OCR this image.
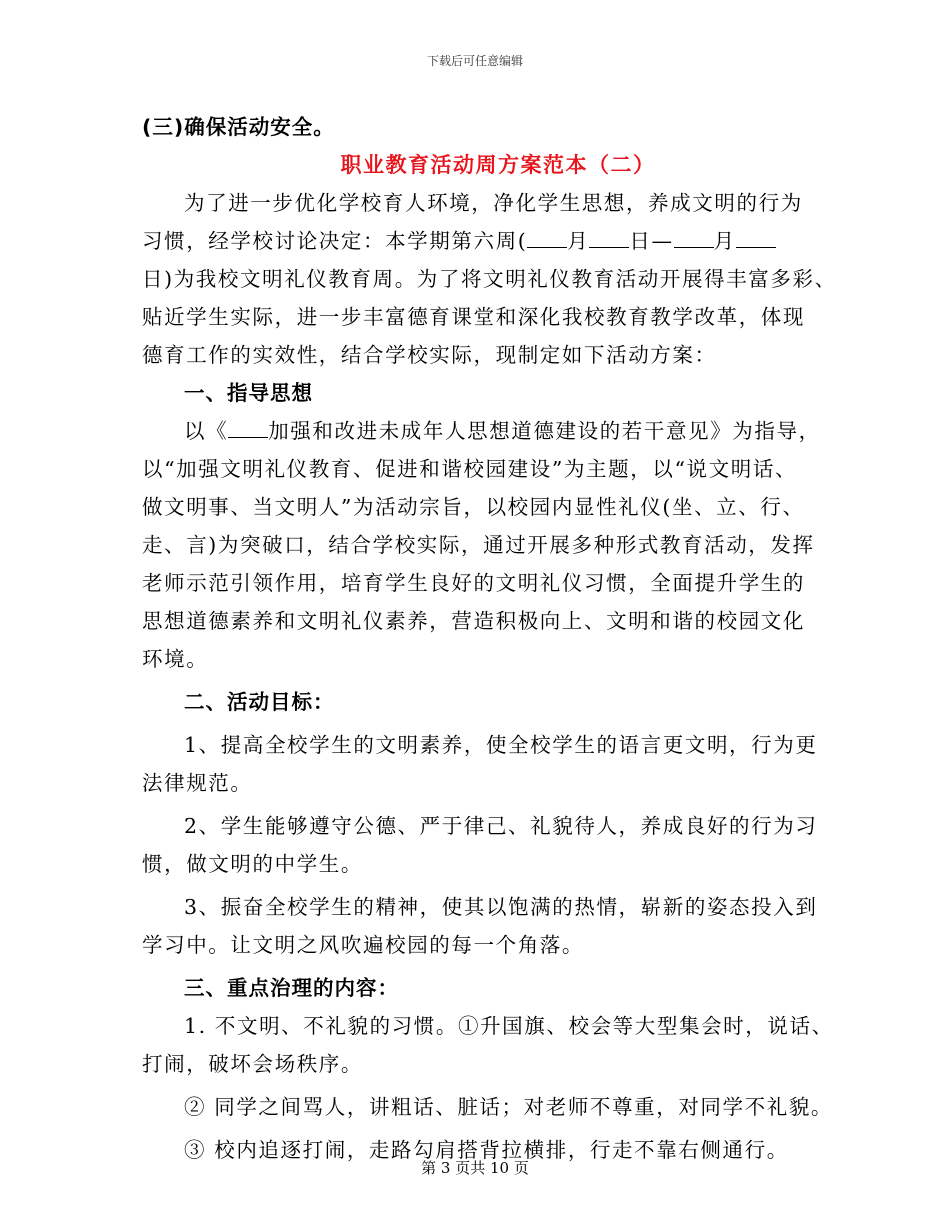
下载后可任意编辑
(三)确保活动安全。
职业教育活动周方案范本（二）
为了进一步优化学校育人环境，净化学生思想，养成文明的行为
习惯，经学校讨论决定：本学期第六周( 月 日— 月
日)为我校文明礼仪教育周。为了将文明礼仪教育活动开展得丰富多彩、
贴近学生实际，进一步丰富德育课堂和深化我校教育教学改革，体现
德育工作的实效性，结合学校实际，现制定如下活动方案：
一、指导思想
以《 加强和改进未成年人思想道德建设的若干意见》为指导，
以“加强文明礼仪教育、促进和谐校园建设”为主题，以“说文明话、
做文明事、当文明人”为活动宗旨，以校园内显性礼仪(坐、立、行、
走、言)为突破口，结合学校实际，通过开展多种形式教育活动，发挥
老师示范引领作用，培育学生良好的文明礼仪习惯，全面提升学生的
思想道德素养和文明礼仪素养，营造积极向上、文明和谐的校园文化
环境。
二、活动目标：
1、提高全校学生的文明素养，使全校学生的语言更文明，行为更
法律规范。
2、学生能够遵守公德、严于律己、礼貌待人，养成良好的行为习
惯，做文明的中学生。
3、振奋全校学生的精神，使其以饱满的热情，崭新的姿态投入到
学习中。让文明之风吹遍校园的每一个角落。
三、重点治理的内容：
1. 不文明、不礼貌的习惯。①升国旗、校会等大型集会时，说话、
打闹，破坏会场秩序。
② 同学之间骂人，讲粗话、脏话；对老师不尊重，对同学不礼貌。
③ 校内追逐打闹，走路勾肩搭背拉横排，行走不靠右侧通行。
第 3 页共 10 页
